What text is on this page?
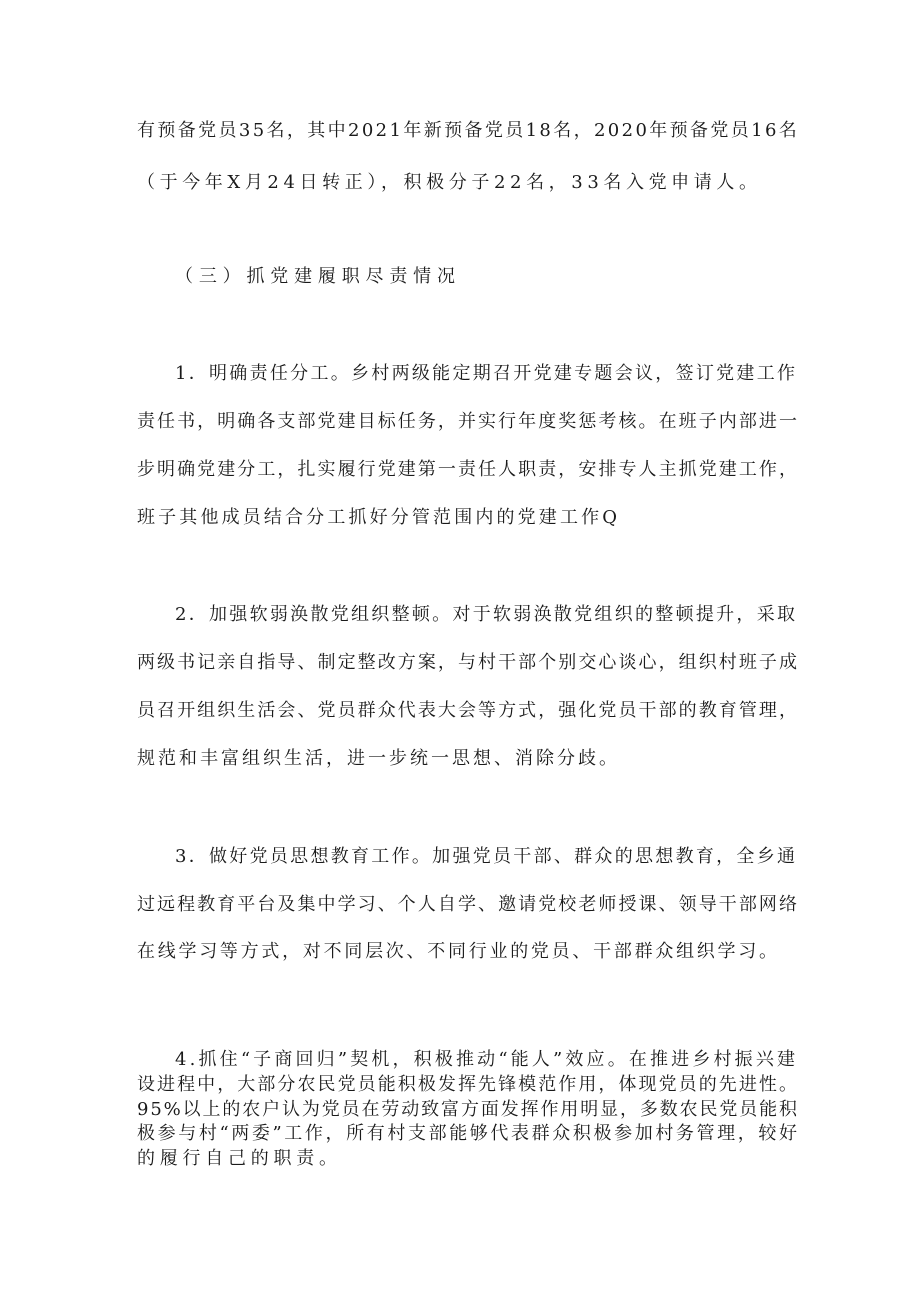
有预备党员35名，其中2021年新预备党员18名，2020年预备党员16名
（于今年X月24日转正），积极分子22名，33名入党申请人。
（三）抓党建履职尽责情况
1．明确责任分工。乡村两级能定期召开党建专题会议，签订党建工作
责任书，明确各支部党建目标任务，并实行年度奖惩考核。在班子内部进一
步明确党建分工，扎实履行党建第一责任人职责，安排专人主抓党建工作，
班子其他成员结合分工抓好分管范围内的党建工作Q
2．加强软弱涣散党组织整顿。对于软弱涣散党组织的整顿提升，采取
两级书记亲自指导、制定整改方案，与村干部个别交心谈心，组织村班子成
员召开组织生活会、党员群众代表大会等方式，强化党员干部的教育管理，
规范和丰富组织生活，进一步统一思想、消除分歧。
3．做好党员思想教育工作。加强党员干部、群众的思想教育，全乡通
过远程教育平台及集中学习、个人自学、邀请党校老师授课、领导干部网络
在线学习等方式，对不同层次、不同行业的党员、干部群众组织学习。
4.抓住“子商回归”契机，积极推动“能人”效应。在推进乡村振兴建
设进程中，大部分农民党员能积极发挥先锋模范作用，体现党员的先进性。
95%以上的农户认为党员在劳动致富方面发挥作用明显，多数农民党员能积
极参与村“两委”工作，所有村支部能够代表群众积极参加村务管理，较好
的履行自己的职责。
